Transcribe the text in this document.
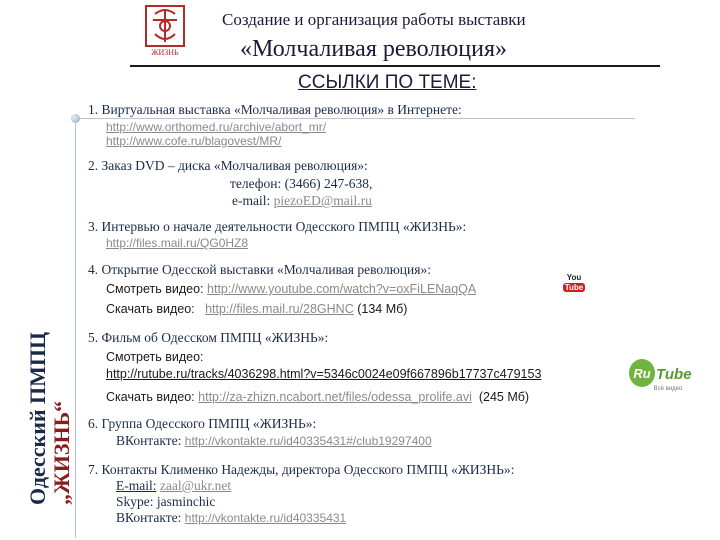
ЖИЗНЬ
Создание и организация работы выставки
«Молчаливая революция»
ССЫЛКИ ПО ТЕМЕ:
Одесский ПМПЦ „ЖИЗНЬ“
1. Виртуальная выставка «Молчаливая революция» в Интернете:
http://www.orthomed.ru/archive/abort_mr/
http://www.cofe.ru/blagovest/MR/
2. Заказ DVD – диска «Молчаливая революция»:
телефон: (3466) 247-638,
e-mail: piezoED@mail.ru
3. Интервью о начале деятельности Одесского ПМПЦ «ЖИЗНЬ»:
http://files.mail.ru/QG0HZ8
4. Открытие Одесской выставки «Молчаливая революция»:
Смотреть видео: http://www.youtube.com/watch?v=oxFiLENaqQA
Скачать видео: http://files.mail.ru/28GHNC (134 Мб)
You
Tube
5. Фильм об Одесском ПМПЦ «ЖИЗНЬ»:
Смотреть видео:
http://rutube.ru/tracks/4036298.html?v=5346c0024e09f667896b17737c479153
Скачать видео: http://za-zhizn.ncabort.net/files/odessa_prolife.avi (245 Мб)
Ru Tube
Всё видео
6. Группа Одесского ПМПЦ «ЖИЗНЬ»:
ВКонтакте: http://vkontakte.ru/id40335431#/club19297400
7. Контакты Клименко Надежды, директора Одесского ПМПЦ «ЖИЗНЬ»:
E-mail: zaal@ukr.net
Skype: jasminchic
ВКонтакте: http://vkontakte.ru/id40335431
